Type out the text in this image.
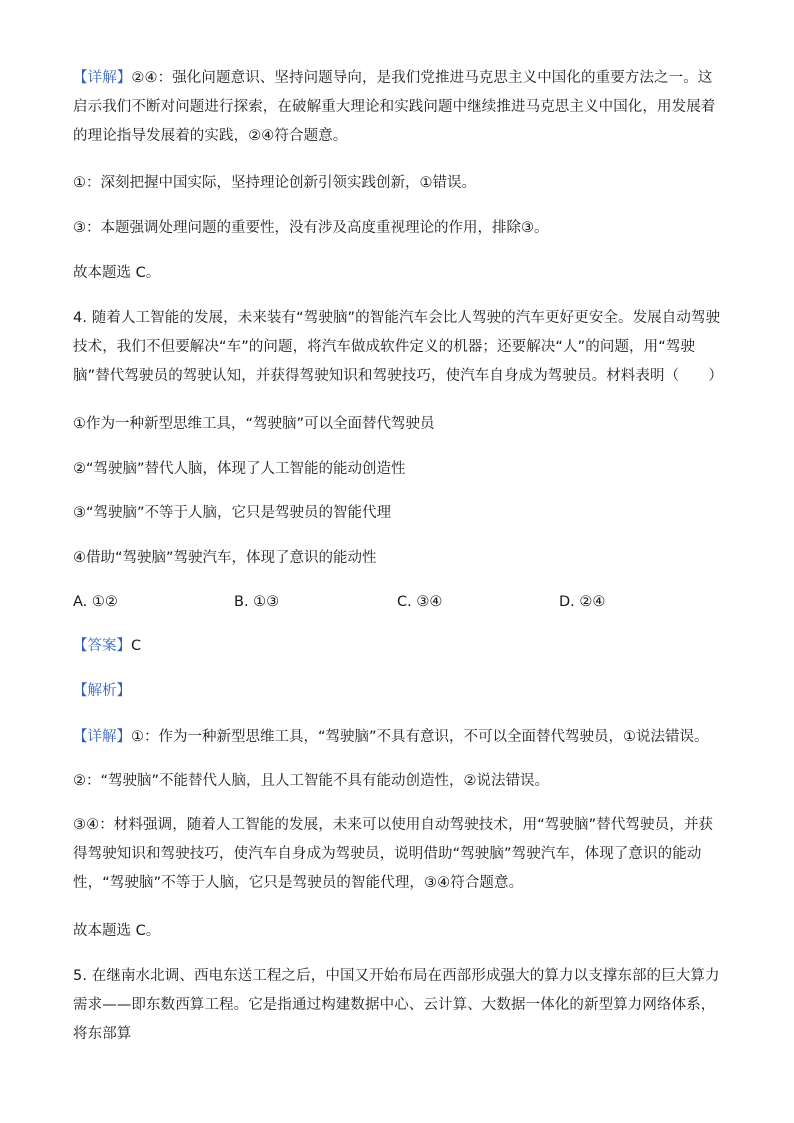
【详解】②④：强化问题意识、坚持问题导向，是我们党推进马克思主义中国化的重要方法之一。这启示我们不断对问题进行探索，在破解重大理论和实践问题中继续推进马克思主义中国化，用发展着的理论指导发展着的实践，②④符合题意。
①：深刻把握中国实际，坚持理论创新引领实践创新，①错误。
③：本题强调处理问题的重要性，没有涉及高度重视理论的作用，排除③。
故本题选 C。
4. 随着人工智能的发展，未来装有“驾驶脑”的智能汽车会比人驾驶的汽车更好更安全。发展自动驾驶技术，我们不但要解决“车”的问题，将汽车做成软件定义的机器；还要解决“人”的问题，用“驾驶脑”替代驾驶员的驾驶认知，并获得驾驶知识和驾驶技巧，使汽车自身成为驾驶员。材料表明（　　）
①作为一种新型思维工具，“驾驶脑”可以全面替代驾驶员
②“驾驶脑”替代人脑，体现了人工智能的能动创造性
③“驾驶脑”不等于人脑，它只是驾驶员的智能代理
④借助“驾驶脑”驾驶汽车，体现了意识的能动性
A. ①②	B. ①③	C. ③④	D. ②④
【答案】C
【解析】
【详解】①：作为一种新型思维工具，“驾驶脑”不具有意识，不可以全面替代驾驶员，①说法错误。
②：“驾驶脑”不能替代人脑，且人工智能不具有能动创造性，②说法错误。
③④：材料强调，随着人工智能的发展，未来可以使用自动驾驶技术，用“驾驶脑”替代驾驶员，并获得驾驶知识和驾驶技巧，使汽车自身成为驾驶员，说明借助“驾驶脑”驾驶汽车，体现了意识的能动性，“驾驶脑”不等于人脑，它只是驾驶员的智能代理，③④符合题意。
故本题选 C。
5. 在继南水北调、西电东送工程之后，中国又开始布局在西部形成强大的算力以支撑东部的巨大算力需求——即东数西算工程。它是指通过构建数据中心、云计算、大数据一体化的新型算力网络体系，将东部算
